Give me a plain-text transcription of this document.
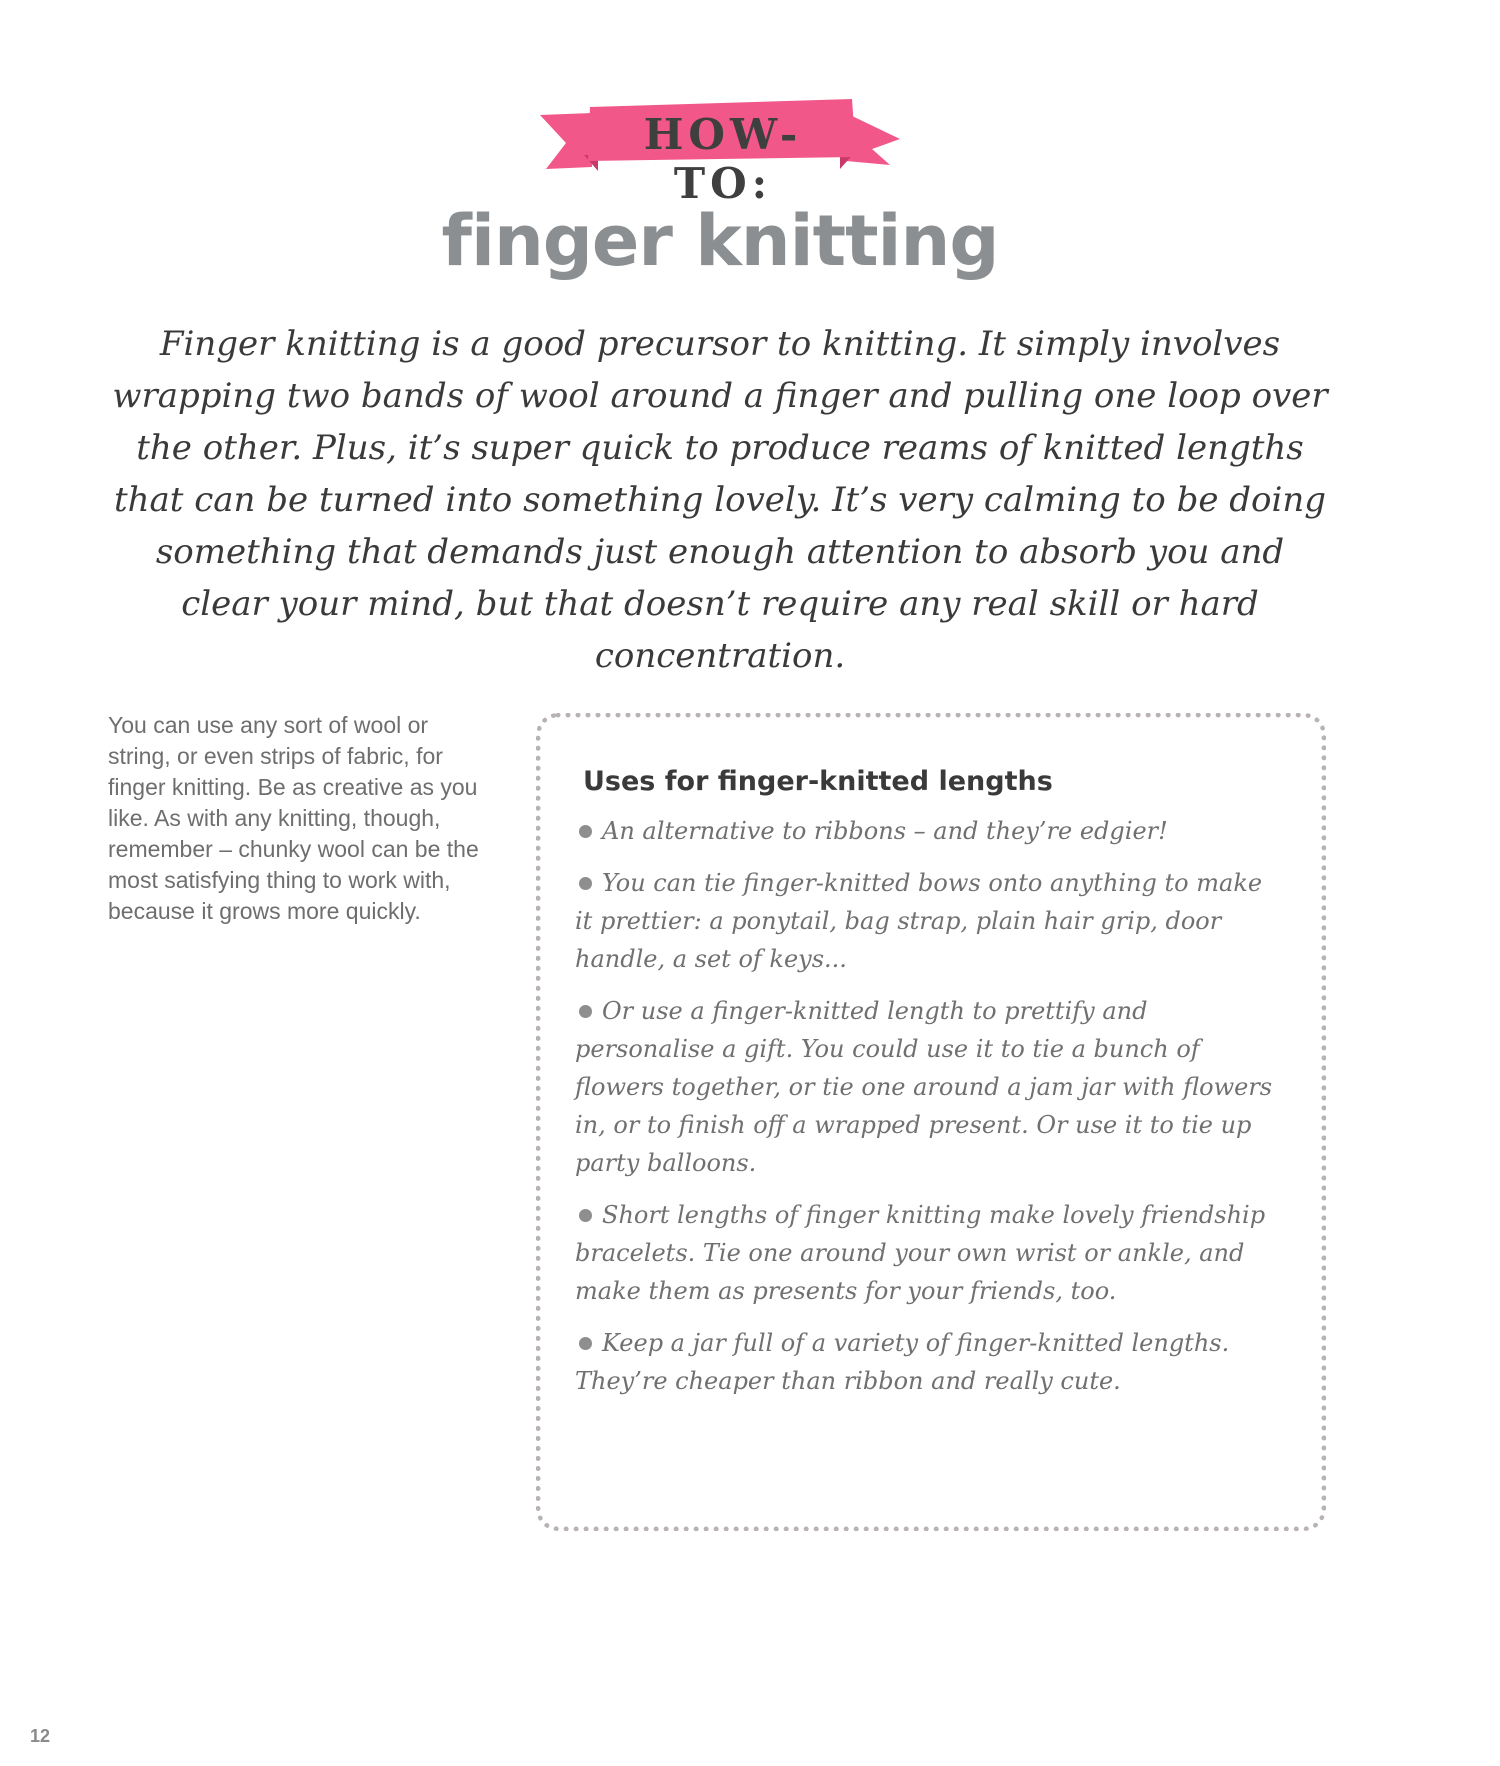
HOW-TO:
finger knitting

Finger knitting is a good precursor to knitting. It simply involves wrapping two bands of wool around a finger and pulling one loop over the other. Plus, it’s super quick to produce reams of knitted lengths that can be turned into something lovely. It’s very calming to be doing something that demands just enough attention to absorb you and clear your mind, but that doesn’t require any real skill or hard concentration.

You can use any sort of wool or string, or even strips of fabric, for finger knitting. Be as creative as you like. As with any knitting, though, remember – chunky wool can be the most satisfying thing to work with, because it grows more quickly.

Uses for finger-knitted lengths
An alternative to ribbons – and they’re edgier!
You can tie finger-knitted bows onto anything to make it prettier: a ponytail, bag strap, plain hair grip, door handle, a set of keys...
Or use a finger-knitted length to prettify and personalise a gift. You could use it to tie a bunch of flowers together, or tie one around a jam jar with flowers in, or to finish off a wrapped present. Or use it to tie up party balloons.
Short lengths of finger knitting make lovely friendship bracelets. Tie one around your own wrist or ankle, and make them as presents for your friends, too.
Keep a jar full of a variety of finger-knitted lengths. They’re cheaper than ribbon and really cute.
12
